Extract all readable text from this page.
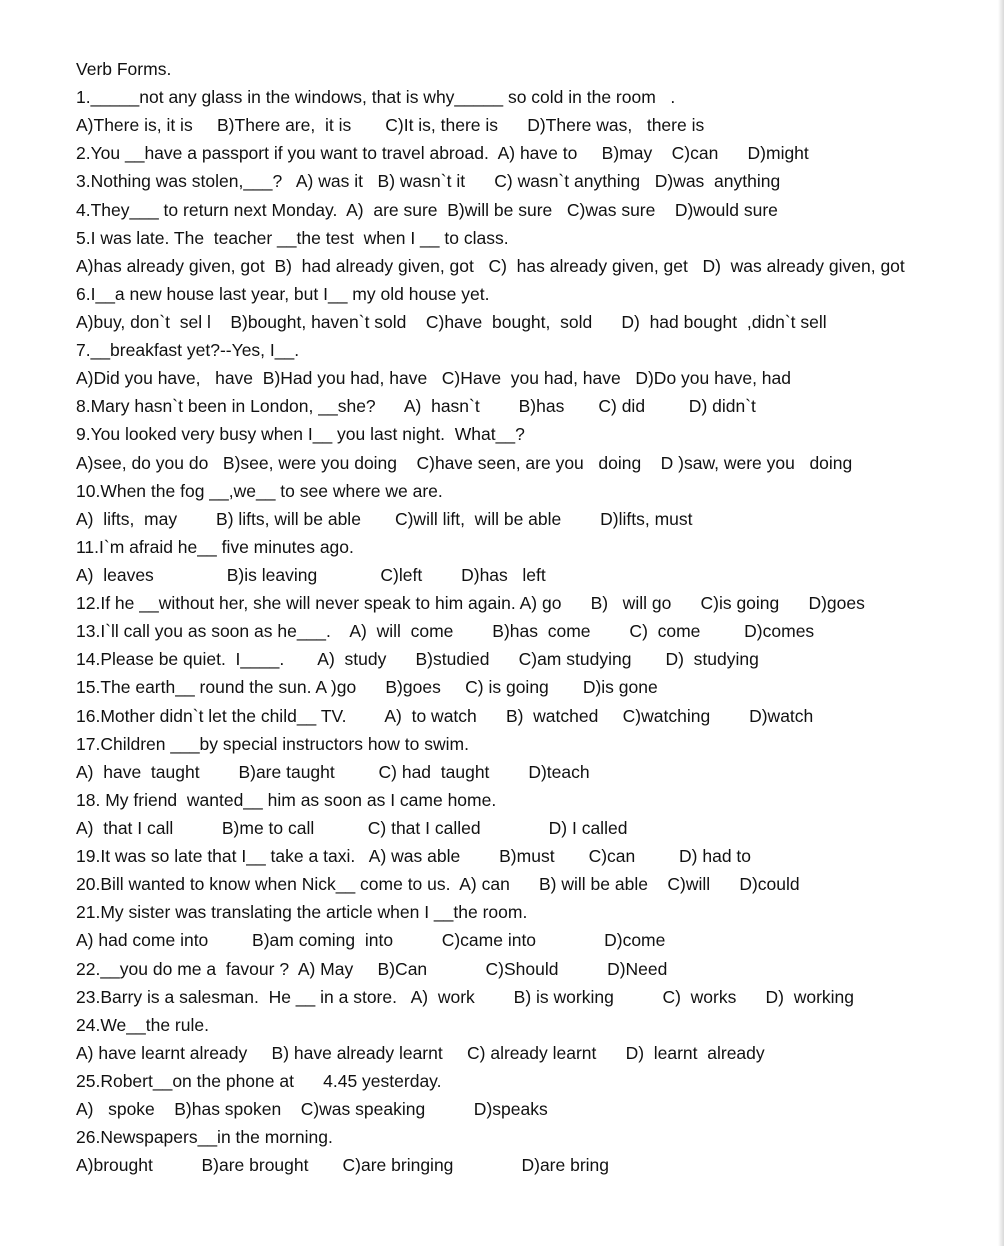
Verb Forms.
1._____not any glass in the windows, that is why_____ so cold in the room   .
A)There is, it is     B)There are,  it is       C)It is, there is      D)There was,   there is
2.You __have a passport if you want to travel abroad.  A) have to     B)may    C)can      D)might
3.Nothing was stolen,___?   A) was it   B) wasn`t it      C) wasn`t anything   D)was  anything
4.They___ to return next Monday.  A)  are sure  B)will be sure   C)was sure    D)would sure
5.I was late. The  teacher __the test  when I __ to class.
A)has already given, got  B)  had already given, got   C)  has already given, get   D)  was already given, got
6.I__a new house last year, but I__ my old house yet.
A)buy, don`t  sel l    B)bought, haven`t sold    C)have  bought,  sold      D)  had bought  ,didn`t sell
7.__breakfast yet?--Yes, I__.
A)Did you have,   have  B)Had you had, have   C)Have  you had, have   D)Do you have, had
8.Mary hasn`t been in London, __she?      A)  hasn`t        B)has       C) did         D) didn`t
9.You looked very busy when I__ you last night.  What__?
A)see, do you do   B)see, were you doing    C)have seen, are you   doing    D )saw, were you   doing
10.When the fog __,we__ to see where we are.
A)  lifts,  may        B) lifts, will be able       C)will lift,  will be able        D)lifts, must
11.I`m afraid he__ five minutes ago.
A)  leaves               B)is leaving             C)left        D)has   left
12.If he __without her, she will never speak to him again. A) go      B)   will go      C)is going      D)goes
13.I`ll call you as soon as he___.    A)  will  come        B)has  come        C)  come         D)comes
14.Please be quiet.  I____.       A)  study      B)studied      C)am studying       D)  studying
15.The earth__ round the sun. A )go      B)goes     C) is going       D)is gone
16.Mother didn`t let the child__ TV.        A)  to watch      B)  watched     C)watching        D)watch
17.Children ___by special instructors how to swim.
A)  have  taught        B)are taught         C) had  taught        D)teach
18. My friend  wanted__ him as soon as I came home.
A)  that I call          B)me to call           C) that I called              D) I called
19.It was so late that I__ take a taxi.   A) was able        B)must       C)can         D) had to
20.Bill wanted to know when Nick__ come to us.  A) can      B) will be able    C)will      D)could
21.My sister was translating the article when I __the room.
A) had come into         B)am coming  into          C)came into              D)come
22.__you do me a  favour ?  A) May     B)Can            C)Should          D)Need
23.Barry is a salesman.  He __ in a store.   A)  work        B) is working          C)  works      D)  working
24.We__the rule.
A) have learnt already     B) have already learnt     C) already learnt      D)  learnt  already
25.Robert__on the phone at      4.45 yesterday.
A)   spoke    B)has spoken    C)was speaking          D)speaks
26.Newspapers__in the morning.
A)brought          B)are brought       C)are bringing              D)are bring
